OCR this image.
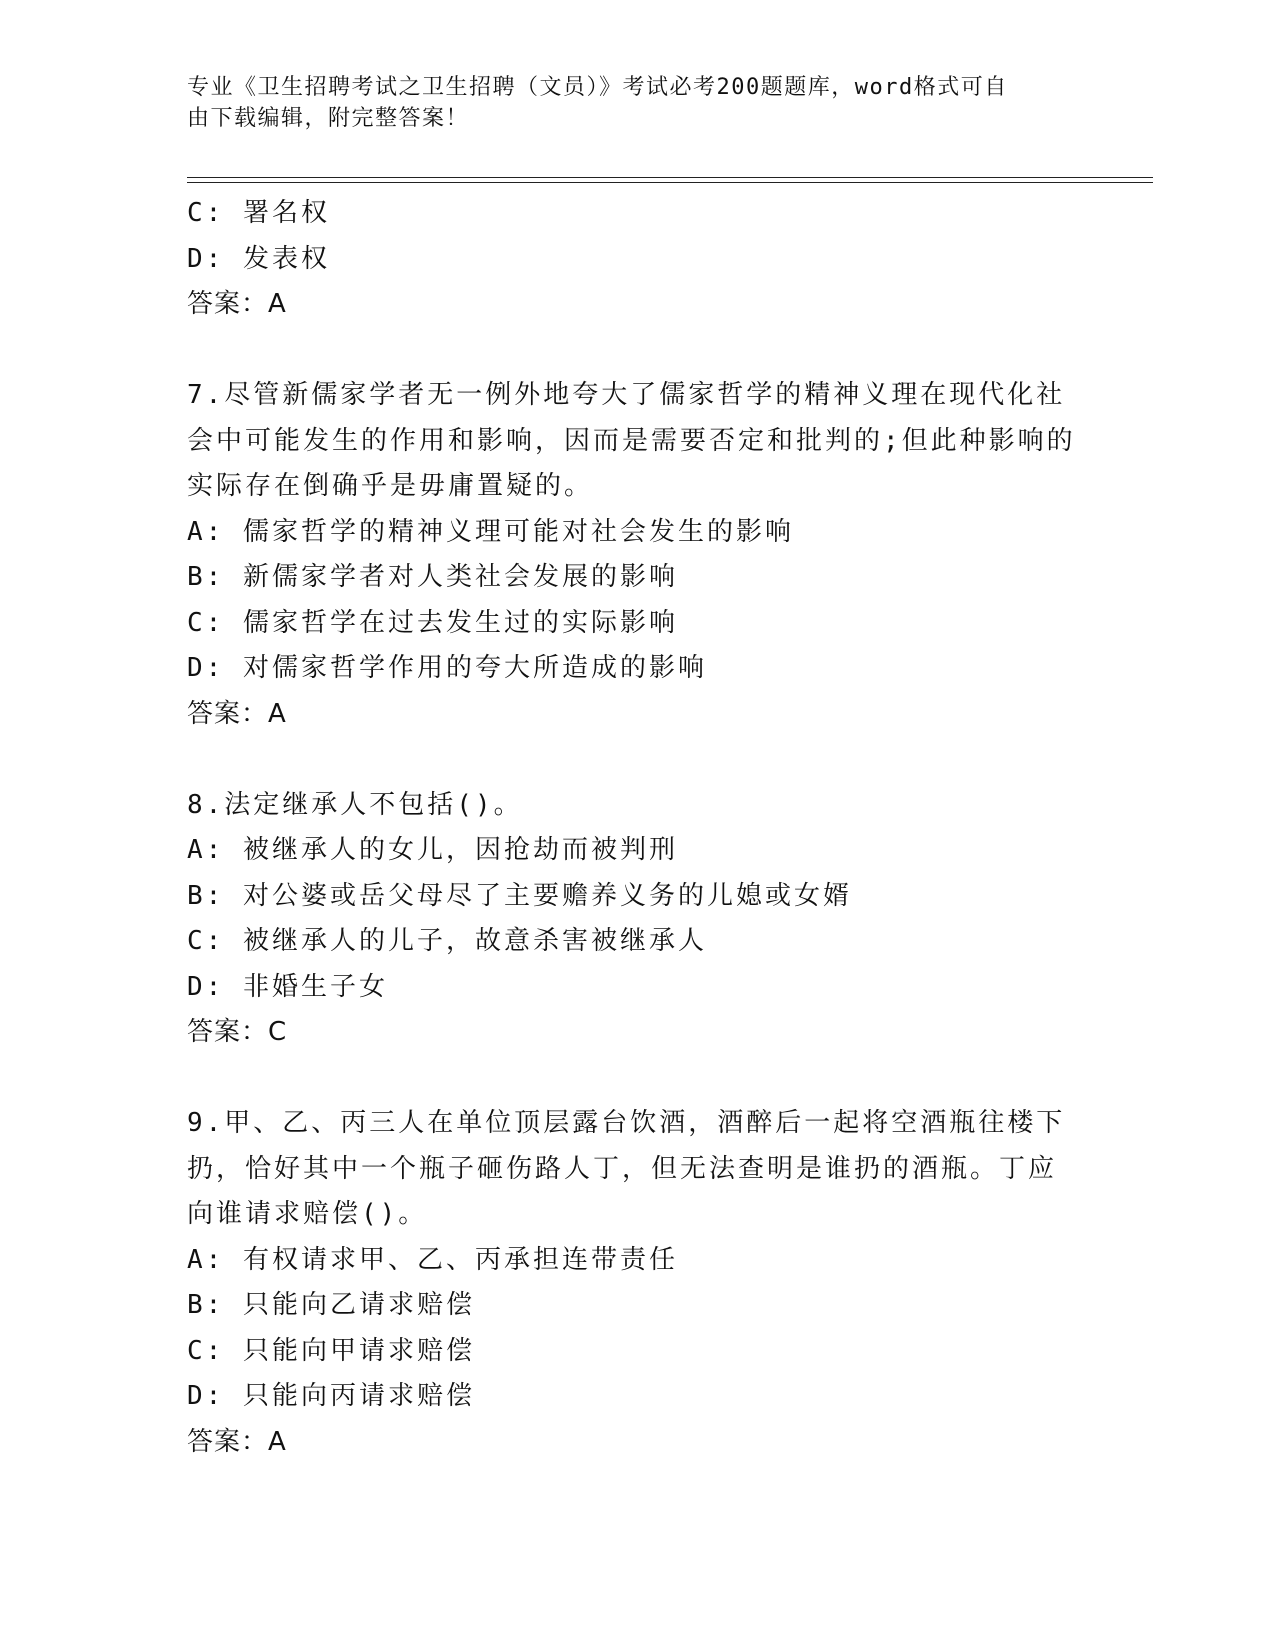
专业《卫生招聘考试之卫生招聘（文员）》考试必考200题题库，word格式可自
由下载编辑，附完整答案！
C: 署名权
D: 发表权
答案：A
7.尽管新儒家学者无一例外地夸大了儒家哲学的精神义理在现代化社
会中可能发生的作用和影响，因而是需要否定和批判的;但此种影响的
实际存在倒确乎是毋庸置疑的。
A: 儒家哲学的精神义理可能对社会发生的影响
B: 新儒家学者对人类社会发展的影响
C: 儒家哲学在过去发生过的实际影响
D: 对儒家哲学作用的夸大所造成的影响
答案：A
8.法定继承人不包括()。
A: 被继承人的女儿，因抢劫而被判刑
B: 对公婆或岳父母尽了主要赡养义务的儿媳或女婿
C: 被继承人的儿子，故意杀害被继承人
D: 非婚生子女
答案：C
9.甲、乙、丙三人在单位顶层露台饮酒，酒醉后一起将空酒瓶往楼下
扔，恰好其中一个瓶子砸伤路人丁，但无法查明是谁扔的酒瓶。丁应
向谁请求赔偿()。
A: 有权请求甲、乙、丙承担连带责任
B: 只能向乙请求赔偿
C: 只能向甲请求赔偿
D: 只能向丙请求赔偿
答案：A
